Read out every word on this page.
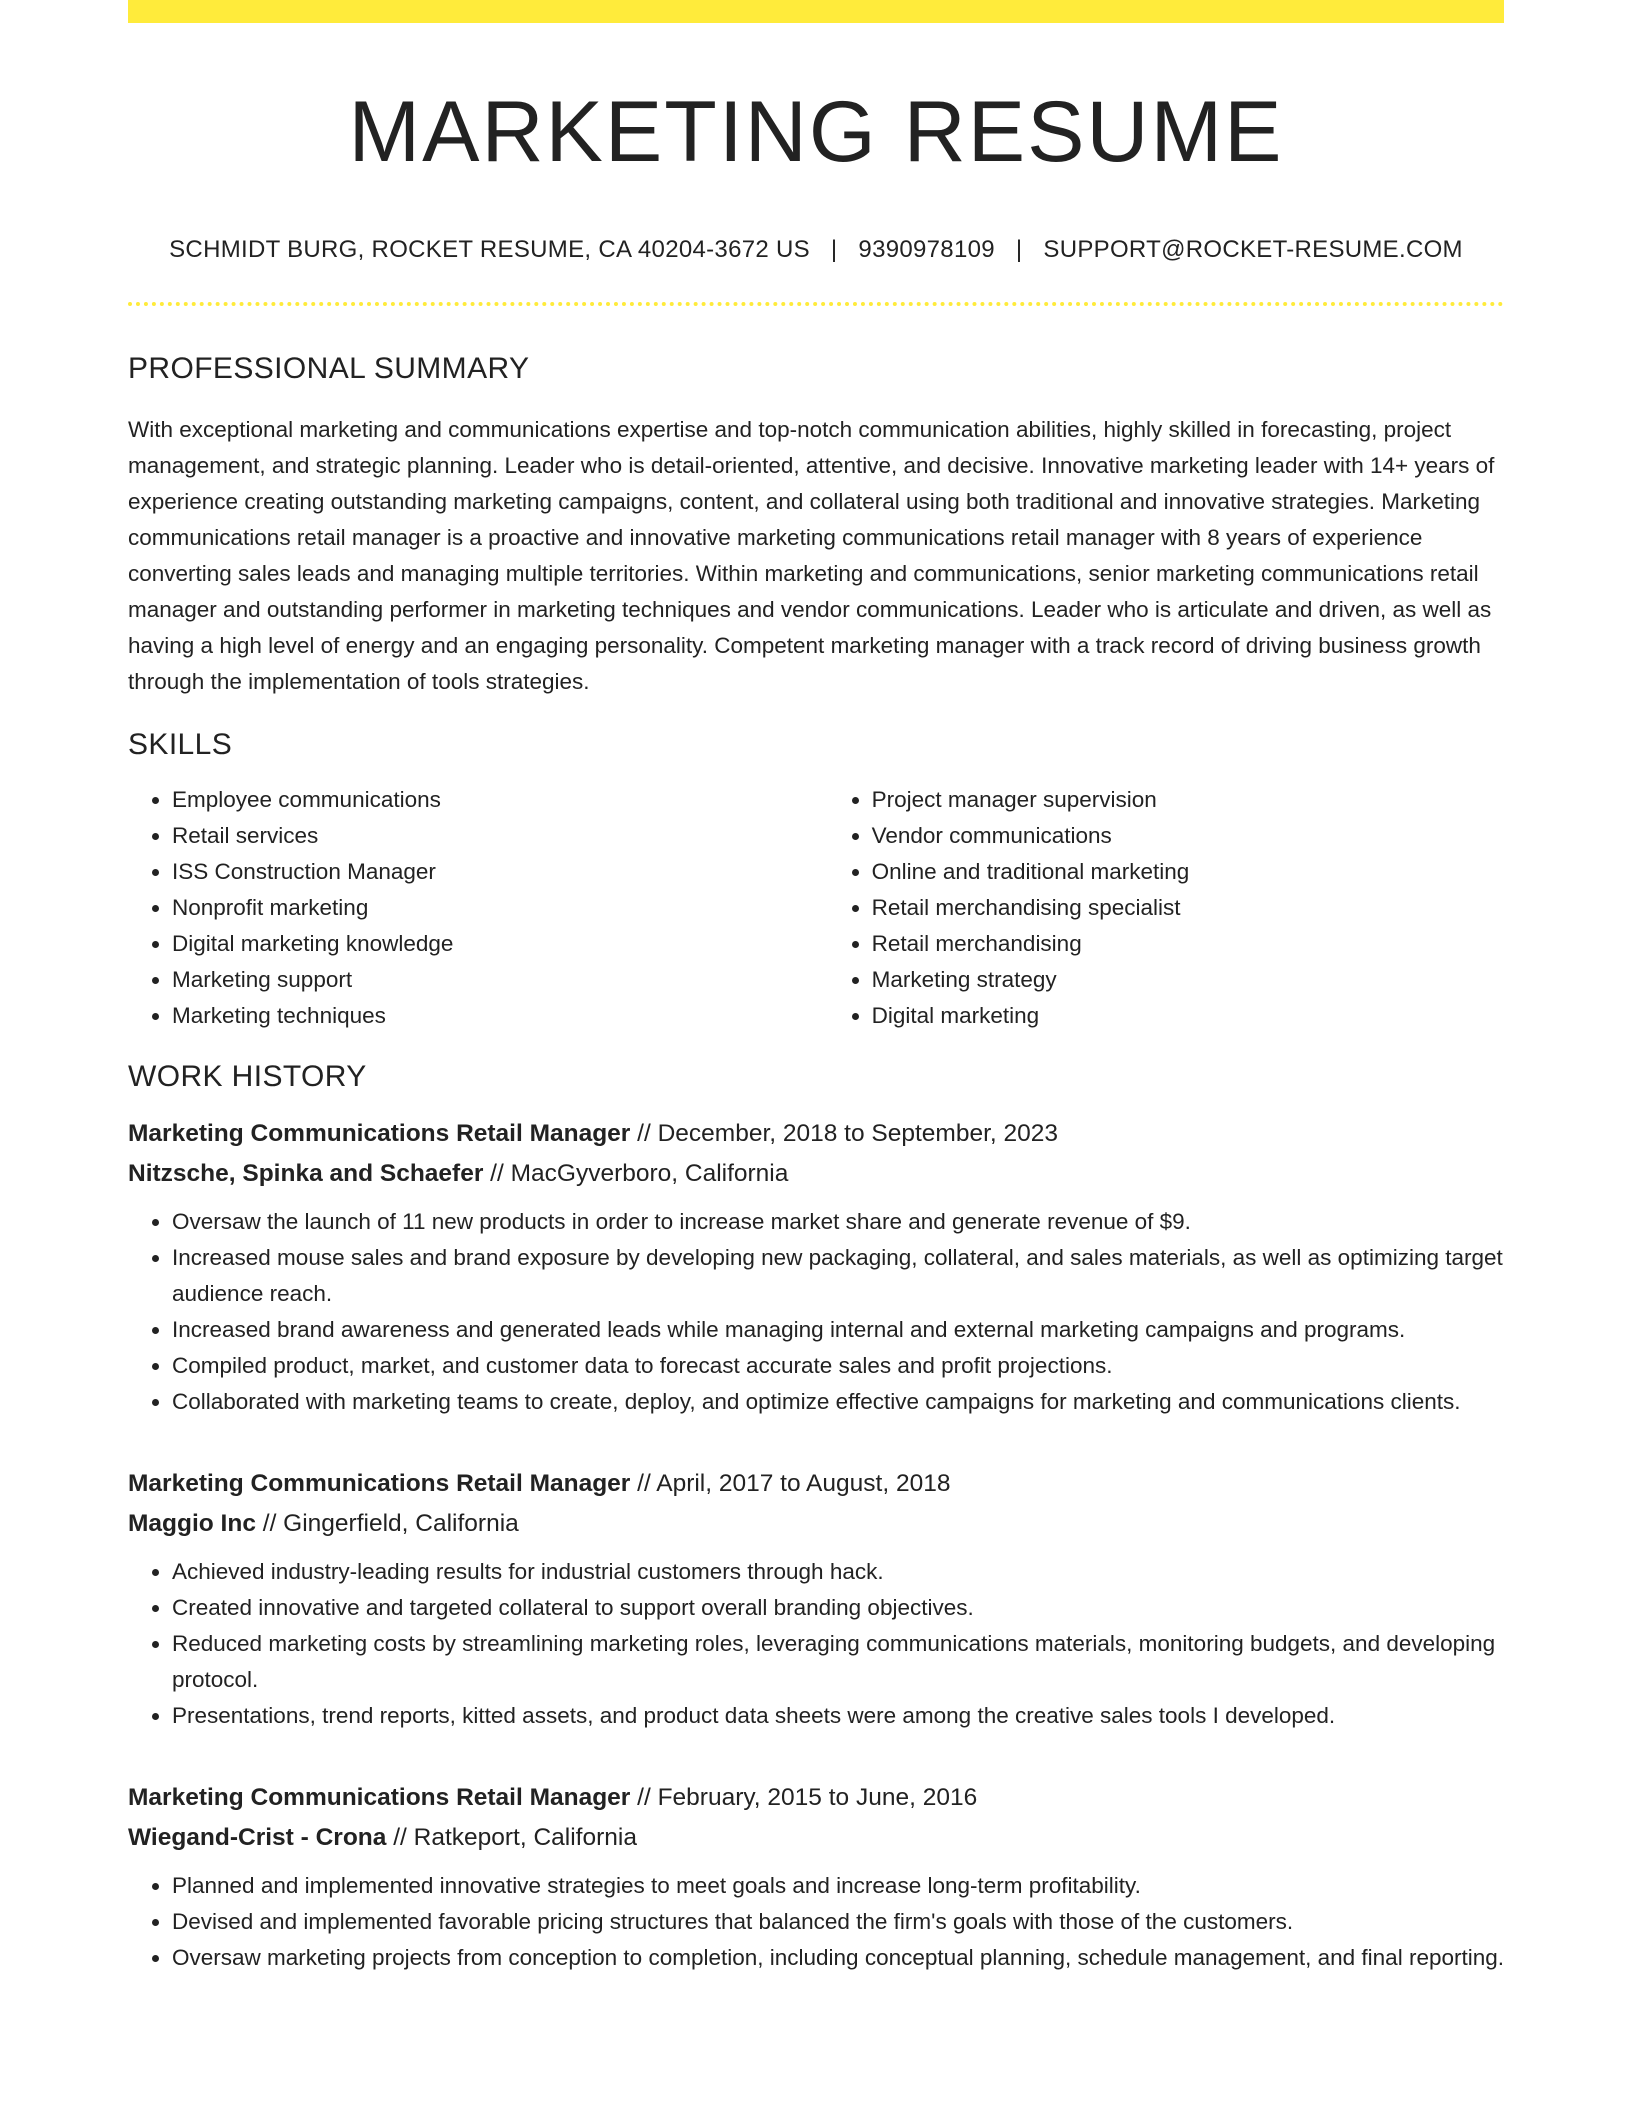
MARKETING RESUME
SCHMIDT BURG, ROCKET RESUME, CA 40204-3672 US | 9390978109 | SUPPORT@ROCKET-RESUME.COM
PROFESSIONAL SUMMARY
With exceptional marketing and communications expertise and top-notch communication abilities, highly skilled in forecasting, project management, and strategic planning. Leader who is detail-oriented, attentive, and decisive. Innovative marketing leader with 14+ years of experience creating outstanding marketing campaigns, content, and collateral using both traditional and innovative strategies. Marketing communications retail manager is a proactive and innovative marketing communications retail manager with 8 years of experience converting sales leads and managing multiple territories. Within marketing and communications, senior marketing communications retail manager and outstanding performer in marketing techniques and vendor communications. Leader who is articulate and driven, as well as having a high level of energy and an engaging personality. Competent marketing manager with a track record of driving business growth through the implementation of tools strategies.
SKILLS
• Employee communications
• Retail services
• ISS Construction Manager
• Nonprofit marketing
• Digital marketing knowledge
• Marketing support
• Marketing techniques
• Project manager supervision
• Vendor communications
• Online and traditional marketing
• Retail merchandising specialist
• Retail merchandising
• Marketing strategy
• Digital marketing
WORK HISTORY
Marketing Communications Retail Manager // December, 2018 to September, 2023
Nitzsche, Spinka and Schaefer // MacGyverboro, California
• Oversaw the launch of 11 new products in order to increase market share and generate revenue of $9.
• Increased mouse sales and brand exposure by developing new packaging, collateral, and sales materials, as well as optimizing target audience reach.
• Increased brand awareness and generated leads while managing internal and external marketing campaigns and programs.
• Compiled product, market, and customer data to forecast accurate sales and profit projections.
• Collaborated with marketing teams to create, deploy, and optimize effective campaigns for marketing and communications clients.
Marketing Communications Retail Manager // April, 2017 to August, 2018
Maggio Inc // Gingerfield, California
• Achieved industry-leading results for industrial customers through hack.
• Created innovative and targeted collateral to support overall branding objectives.
• Reduced marketing costs by streamlining marketing roles, leveraging communications materials, monitoring budgets, and developing protocol.
• Presentations, trend reports, kitted assets, and product data sheets were among the creative sales tools I developed.
Marketing Communications Retail Manager // February, 2015 to June, 2016
Wiegand-Crist - Crona // Ratkeport, California
• Planned and implemented innovative strategies to meet goals and increase long-term profitability.
• Devised and implemented favorable pricing structures that balanced the firm's goals with those of the customers.
• Oversaw marketing projects from conception to completion, including conceptual planning, schedule management, and final reporting.
